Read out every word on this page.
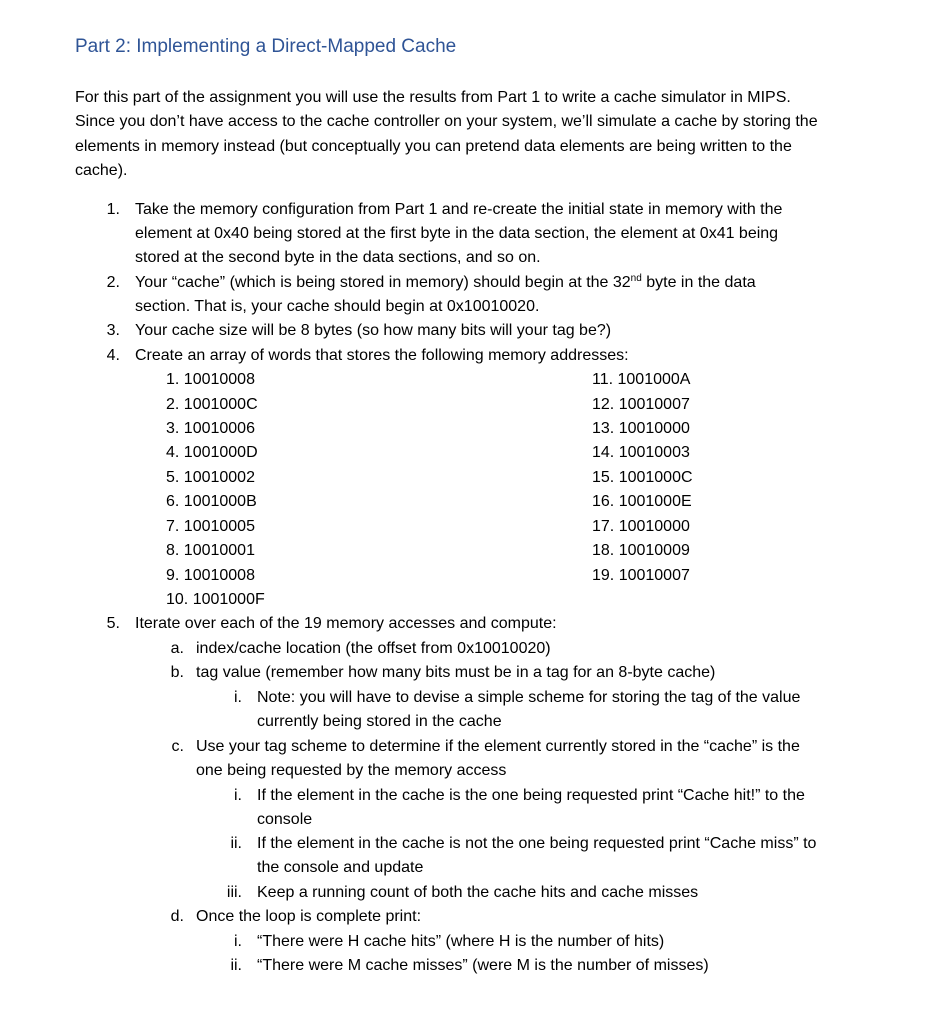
Part 2: Implementing a Direct-Mapped Cache

For this part of the assignment you will use the results from Part 1 to write a cache simulator in MIPS.
Since you don’t have access to the cache controller on your system, we’ll simulate a cache by storing the
elements in memory instead (but conceptually you can pretend data elements are being written to the
cache).

1. Take the memory configuration from Part 1 and re-create the initial state in memory with the
element at 0x40 being stored at the first byte in the data section, the element at 0x41 being
stored at the second byte in the data sections, and so on.
2. Your “cache” (which is being stored in memory) should begin at the 32nd byte in the data
section. That is, your cache should begin at 0x10010020.
3. Your cache size will be 8 bytes (so how many bits will your tag be?)
4. Create an array of words that stores the following memory addresses:
1. 10010008
2. 1001000C
3. 10010006
4. 1001000D
5. 10010002
6. 1001000B
7. 10010005
8. 10010001
9. 10010008
10. 1001000F
11. 1001000A
12. 10010007
13. 10010000
14. 10010003
15. 1001000C
16. 1001000E
17. 10010000
18. 10010009
19. 10010007
5. Iterate over each of the 19 memory accesses and compute:
a. index/cache location (the offset from 0x10010020)
b. tag value (remember how many bits must be in a tag for an 8-byte cache)
i. Note: you will have to devise a simple scheme for storing the tag of the value
currently being stored in the cache
c. Use your tag scheme to determine if the element currently stored in the “cache” is the
one being requested by the memory access
i. If the element in the cache is the one being requested print “Cache hit!” to the
console
ii. If the element in the cache is not the one being requested print “Cache miss” to
the console and update
iii. Keep a running count of both the cache hits and cache misses
d. Once the loop is complete print:
i. “There were H cache hits” (where H is the number of hits)
ii. “There were M cache misses” (were M is the number of misses)
